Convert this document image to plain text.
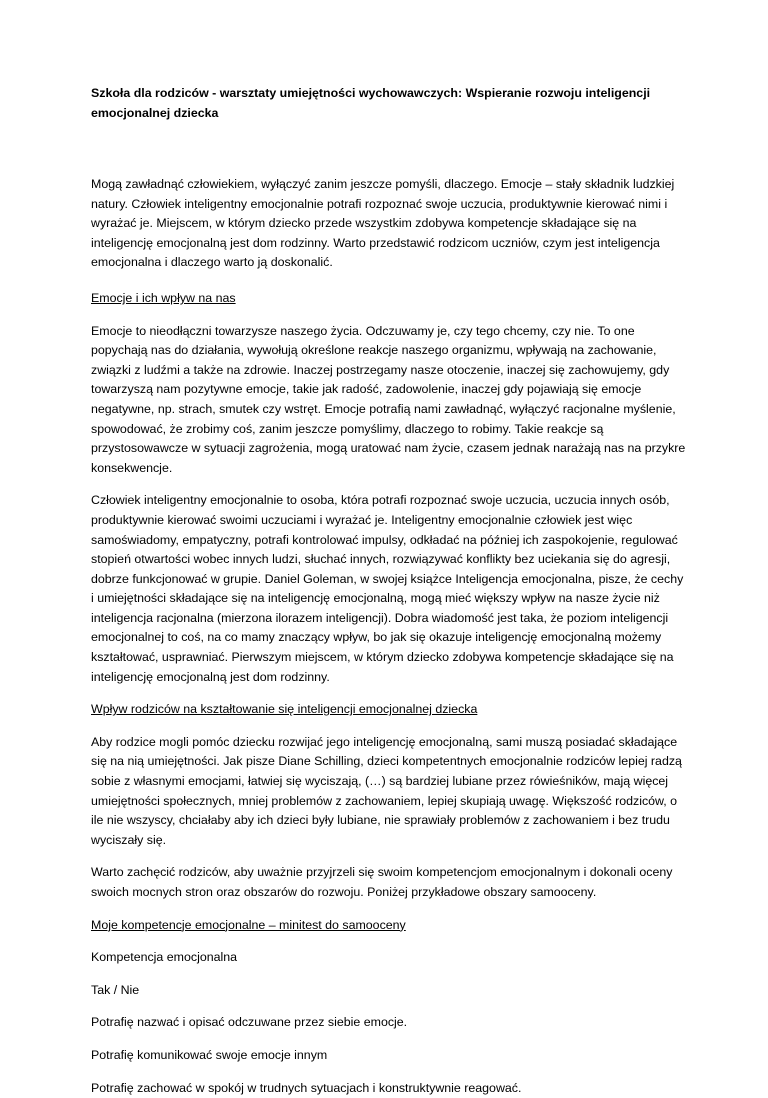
Szkoła dla rodziców - warsztaty umiejętności wychowawczych: Wspieranie rozwoju inteligencji emocjonalnej dziecka

Mogą zawładnąć człowiekiem, wyłączyć zanim jeszcze pomyśli, dlaczego. Emocje – stały składnik ludzkiej natury. Człowiek inteligentny emocjonalnie potrafi rozpoznać swoje uczucia, produktywnie kierować nimi i wyrażać je. Miejscem, w którym dziecko przede wszystkim zdobywa kompetencje składające się na inteligencję emocjonalną jest dom rodzinny. Warto przedstawić rodzicom uczniów, czym jest inteligencja emocjonalna i dlaczego warto ją doskonalić.

Emocje i ich wpływ na nas

Emocje to nieodłączni towarzysze naszego życia. Odczuwamy je, czy tego chcemy, czy nie. To one popychają nas do działania, wywołują określone reakcje naszego organizmu, wpływają na zachowanie, związki z ludźmi a także na zdrowie. Inaczej postrzegamy nasze otoczenie, inaczej się zachowujemy, gdy towarzyszą nam pozytywne emocje, takie jak radość, zadowolenie, inaczej gdy pojawiają się emocje negatywne, np. strach, smutek czy wstręt. Emocje potrafią nami zawładnąć, wyłączyć racjonalne myślenie, spowodować, że zrobimy coś, zanim jeszcze pomyślimy, dlaczego to robimy. Takie reakcje są przystosowawcze w sytuacji zagrożenia, mogą uratować nam życie, czasem jednak narażają nas na przykre konsekwencje.

Człowiek inteligentny emocjonalnie to osoba, która potrafi rozpoznać swoje uczucia, uczucia innych osób, produktywnie kierować swoimi uczuciami i wyrażać je. Inteligentny emocjonalnie człowiek jest więc samoświadomy, empatyczny, potrafi kontrolować impulsy, odkładać na później ich zaspokojenie, regulować stopień otwartości wobec innych ludzi, słuchać innych, rozwiązywać konflikty bez uciekania się do agresji, dobrze funkcjonować w grupie. Daniel Goleman, w swojej książce Inteligencja emocjonalna, pisze, że cechy i umiejętności składające się na inteligencję emocjonalną, mogą mieć większy wpływ na nasze życie niż inteligencja racjonalna (mierzona ilorazem inteligencji). Dobra wiadomość jest taka, że poziom inteligencji emocjonalnej to coś, na co mamy znaczący wpływ, bo jak się okazuje inteligencję emocjonalną możemy kształtować, usprawniać. Pierwszym miejscem, w którym dziecko zdobywa kompetencje składające się na inteligencję emocjonalną jest dom rodzinny.

Wpływ rodziców na kształtowanie się inteligencji emocjonalnej dziecka

Aby rodzice mogli pomóc dziecku rozwijać jego inteligencję emocjonalną, sami muszą posiadać składające się na nią umiejętności. Jak pisze Diane Schilling, dzieci kompetentnych emocjonalnie rodziców lepiej radzą sobie z własnymi emocjami, łatwiej się wyciszają, (…) są bardziej lubiane przez rówieśników, mają więcej umiejętności społecznych, mniej problemów z zachowaniem, lepiej skupiają uwagę. Większość rodziców, o ile nie wszyscy, chciałaby aby ich dzieci były lubiane, nie sprawiały problemów z zachowaniem i bez trudu wyciszały się.

Warto zachęcić rodziców, aby uważnie przyjrzeli się swoim kompetencjom emocjonalnym i dokonali oceny swoich mocnych stron oraz obszarów do rozwoju. Poniżej przykładowe obszary samooceny.

Moje kompetencje emocjonalne – minitest do samooceny

Kompetencja emocjonalna

Tak / Nie

Potrafię nazwać i opisać odczuwane przez siebie emocje.

Potrafię komunikować swoje emocje innym

Potrafię zachować w spokój w trudnych sytuacjach i konstruktywnie reagować.
